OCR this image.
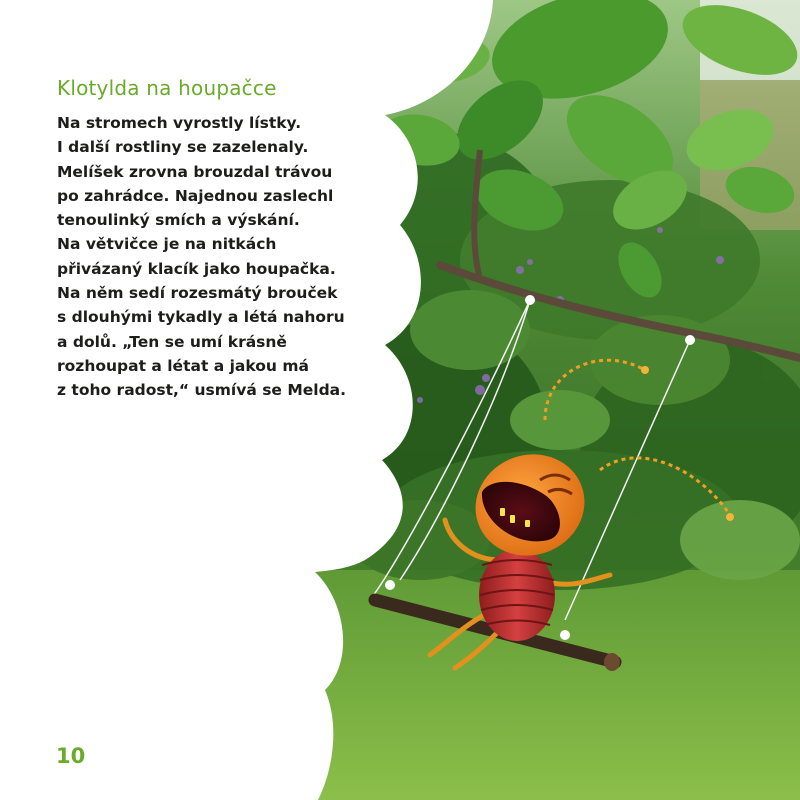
Klotylda na houpačce
Na stromech vyrostly lístky.
I další rostliny se zazelenaly.
Melíšek zrovna brouzdal trávou
po zahrádce. Najednou zaslechl
tenoulinký smích a výskání.
Na větvičce je na nitkách
přivázaný klacík jako houpačka.
Na něm sedí rozesmátý brouček
s dlouhými tykadly a létá nahoru
a dolů. „Ten se umí krásně
rozhoupat a létat a jakou má
z toho radost,“ usmívá se Melda.
10
